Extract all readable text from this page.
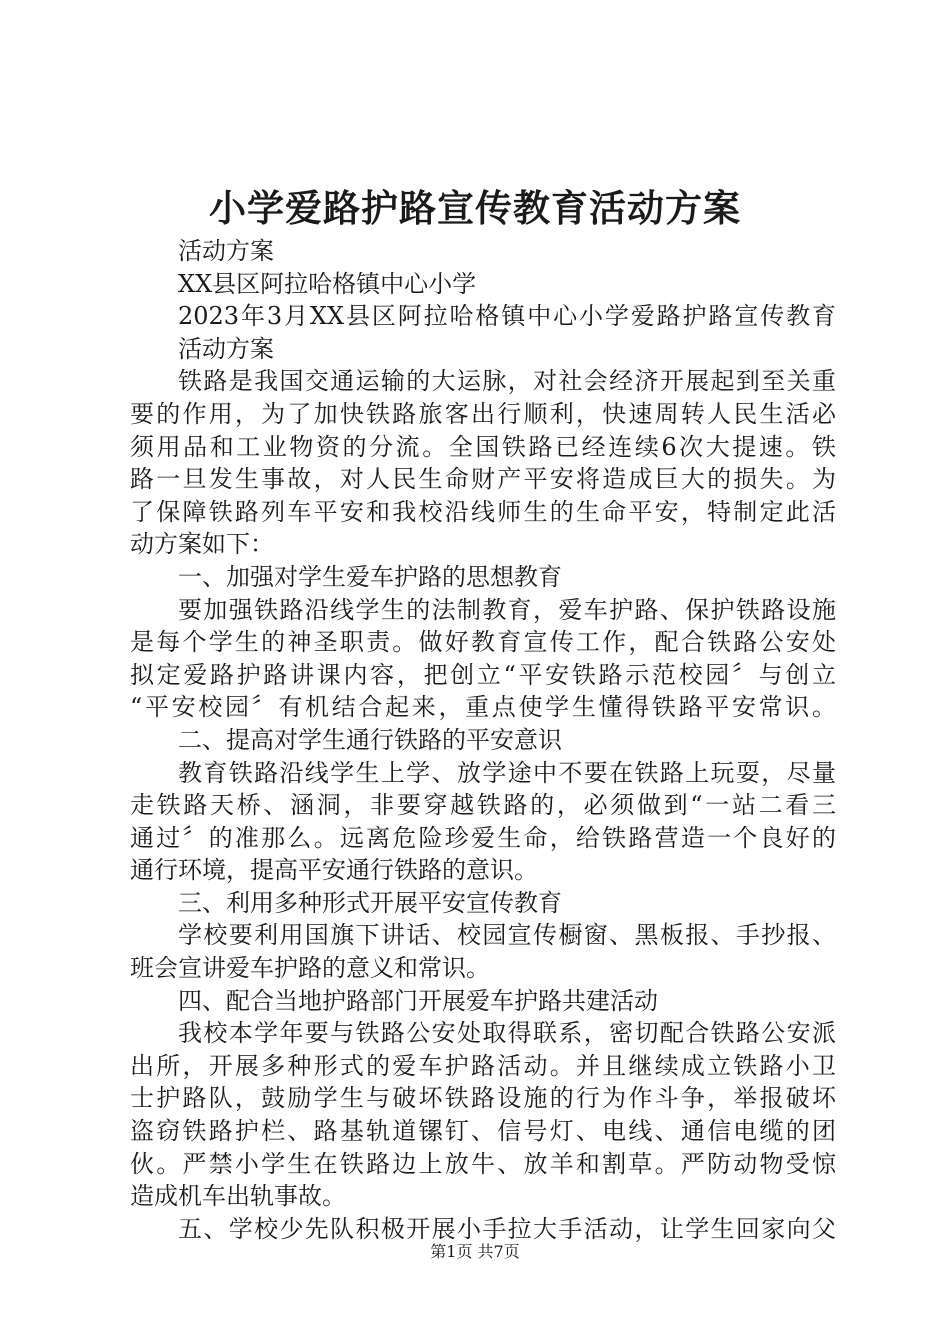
小学爱路护路宣传教育活动方案
活动方案
XX县区阿拉哈格镇中心小学
2023年3月XX县区阿拉哈格镇中心小学爱路护路宣传教育
活动方案
铁路是我国交通运输的大运脉，对社会经济开展起到至关重
要的作用，为了加快铁路旅客出行顺利，快速周转人民生活必
须用品和工业物资的分流。全国铁路已经连续6次大提速。铁
路一旦发生事故，对人民生命财产平安将造成巨大的损失。为
了保障铁路列车平安和我校沿线师生的生命平安，特制定此活
动方案如下：
一、加强对学生爱车护路的思想教育
要加强铁路沿线学生的法制教育，爱车护路、保护铁路设施
是每个学生的神圣职责。做好教育宣传工作，配合铁路公安处
拟定爱路护路讲课内容，把创立“平安铁路示范校园〞与创立
“平安校园〞有机结合起来，重点使学生懂得铁路平安常识。
二、提高对学生通行铁路的平安意识
教育铁路沿线学生上学、放学途中不要在铁路上玩耍，尽量
走铁路天桥、涵洞，非要穿越铁路的，必须做到“一站二看三
通过〞的准那么。远离危险珍爱生命，给铁路营造一个良好的
通行环境，提高平安通行铁路的意识。
三、利用多种形式开展平安宣传教育
学校要利用国旗下讲话、校园宣传橱窗、黑板报、手抄报、
班会宣讲爱车护路的意义和常识。
四、配合当地护路部门开展爱车护路共建活动
我校本学年要与铁路公安处取得联系，密切配合铁路公安派
出所，开展多种形式的爱车护路活动。并且继续成立铁路小卫
士护路队，鼓励学生与破坏铁路设施的行为作斗争，举报破坏
盗窃铁路护栏、路基轨道镙钉、信号灯、电线、通信电缆的团
伙。严禁小学生在铁路边上放牛、放羊和割草。严防动物受惊
造成机车出轨事故。
五、学校少先队积极开展小手拉大手活动，让学生回家向父
第1页 共7页
